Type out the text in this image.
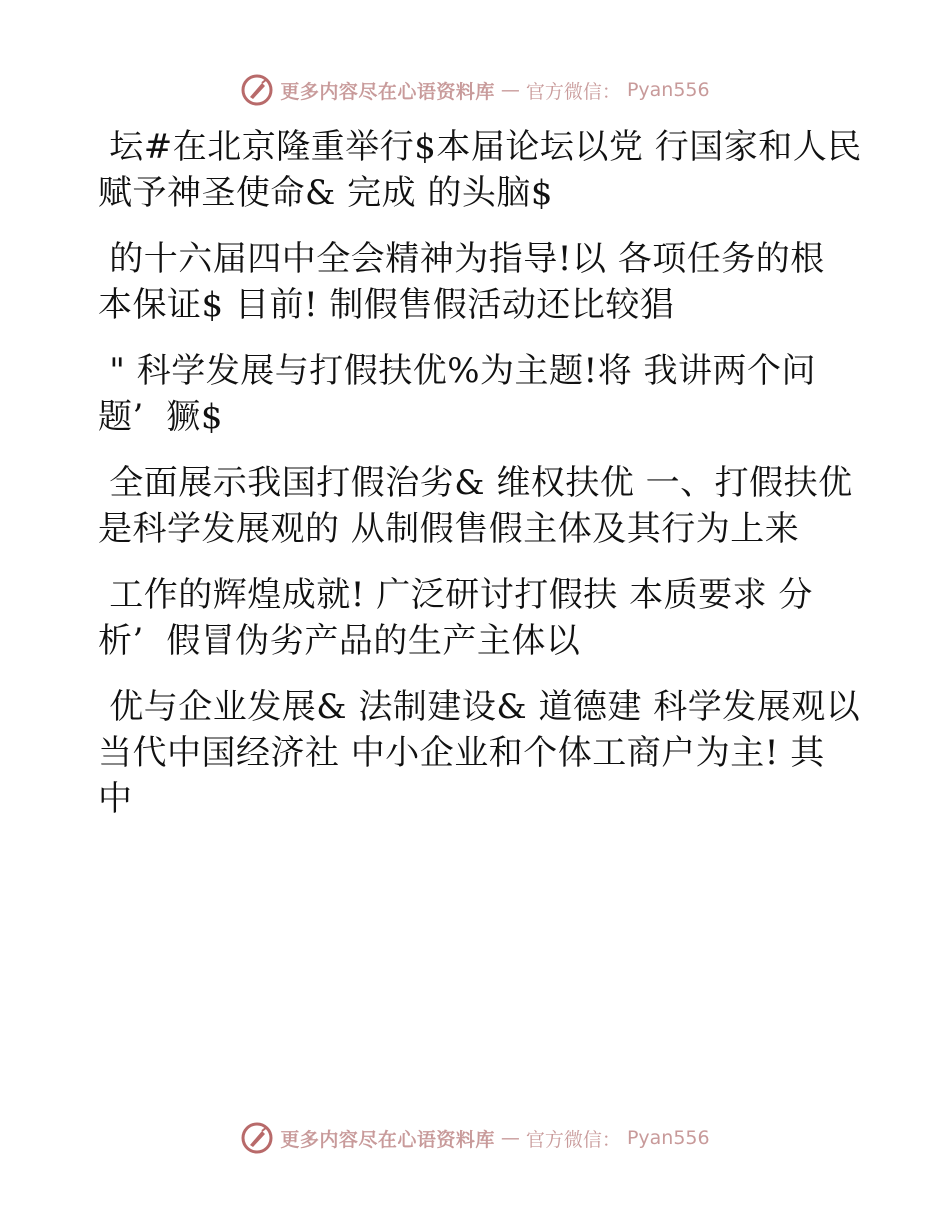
更多内容尽在心语资料库 — 官方微信： Pyan556
坛#在北京隆重举行$本届论坛以党 行国家和人民
赋予神圣使命& 完成 的头脑$
的十六届四中全会精神为指导!以 各项任务的根
本保证$ 目前! 制假售假活动还比较猖
" 科学发展与打假扶优%为主题!将 我讲两个问
题’  獗$
全面展示我国打假治劣& 维权扶优 一、打假扶优
是科学发展观的 从制假售假主体及其行为上来
工作的辉煌成就! 广泛研讨打假扶 本质要求 分
析’  假冒伪劣产品的生产主体以
优与企业发展& 法制建设& 道德建 科学发展观以
当代中国经济社 中小企业和个体工商户为主! 其
中
更多内容尽在心语资料库 — 官方微信： Pyan556
